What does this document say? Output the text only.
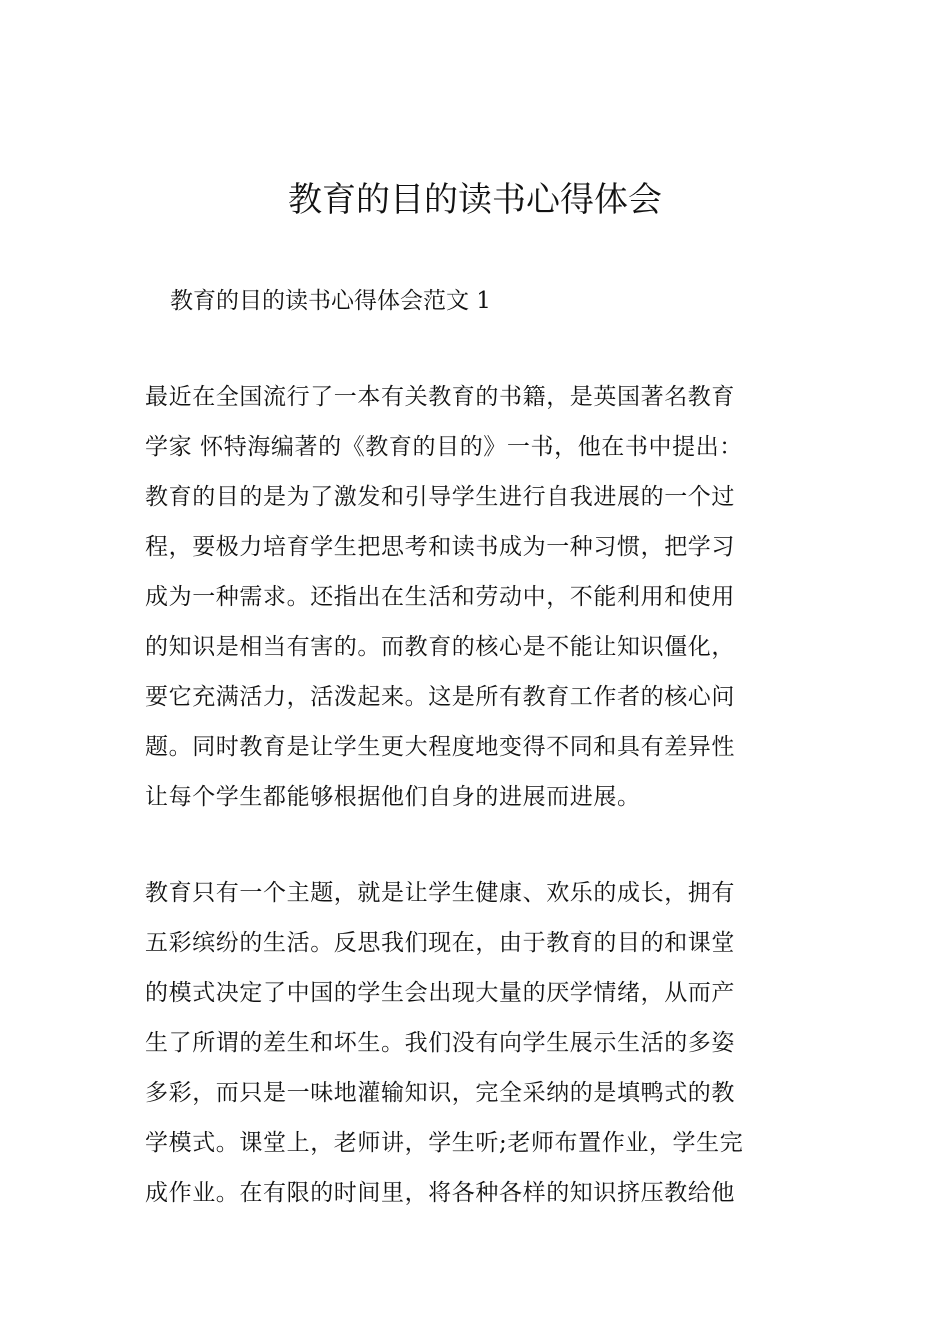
教育的目的读书心得体会

教育的目的读书心得体会范文 1

最近在全国流行了一本有关教育的书籍，是英国著名教育
学家 怀特海编著的《教育的目的》一书，他在书中提出：
教育的目的是为了激发和引导学生进行自我进展的一个过
程，要极力培育学生把思考和读书成为一种习惯，把学习
成为一种需求。还指出在生活和劳动中，不能利用和使用
的知识是相当有害的。而教育的核心是不能让知识僵化，
要它充满活力，活泼起来。这是所有教育工作者的核心问
题。同时教育是让学生更大程度地变得不同和具有差异性
让每个学生都能够根据他们自身的进展而进展。
教育只有一个主题，就是让学生健康、欢乐的成长，拥有
五彩缤纷的生活。反思我们现在，由于教育的目的和课堂
的模式决定了中国的学生会出现大量的厌学情绪，从而产
生了所谓的差生和坏生。我们没有向学生展示生活的多姿
多彩，而只是一味地灌输知识，完全采纳的是填鸭式的教
学模式。课堂上，老师讲，学生听;老师布置作业，学生完
成作业。在有限的时间里，将各种各样的知识挤压教给他
